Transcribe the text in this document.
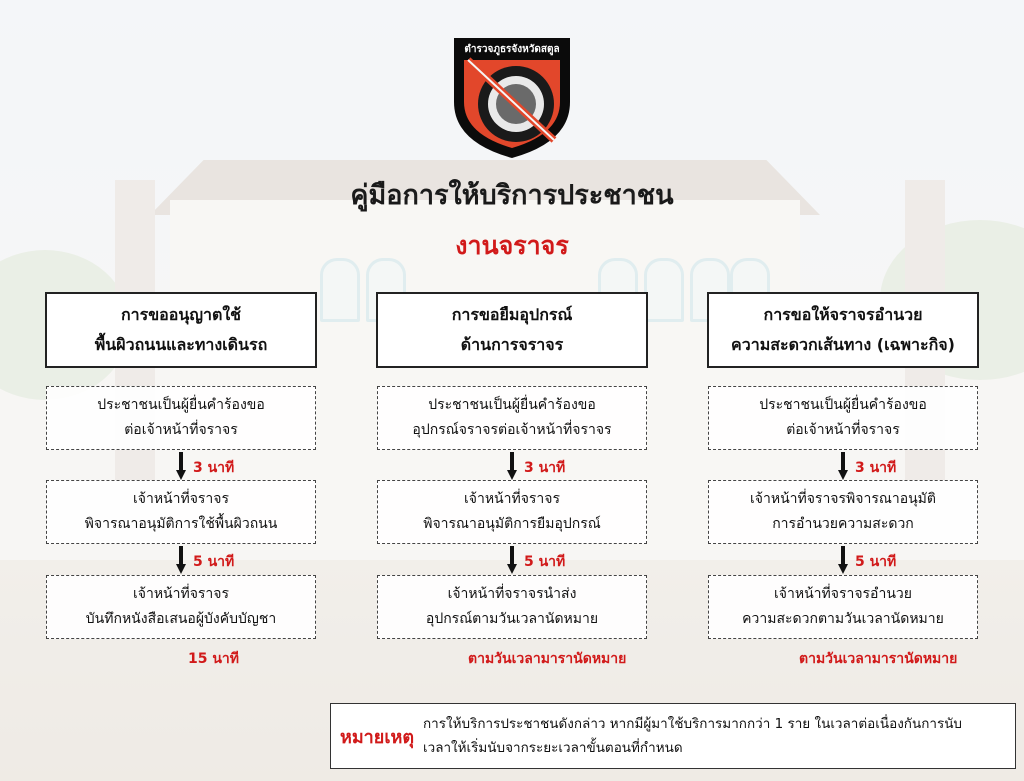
ตำรวจภูธรจังหวัดสตูล
คู่มือการให้บริการประชาชน
งานจราจร
การขออนุญาตใช้
พื้นผิวถนนและทางเดินรถ
ประชาชนเป็นผู้ยื่นคำร้องขอ
ต่อเจ้าหน้าที่จราจร
3 นาที
เจ้าหน้าที่จราจร
พิจารณาอนุมัติการใช้พื้นผิวถนน
5 นาที
เจ้าหน้าที่จราจร
บันทึกหนังสือเสนอผู้บังคับบัญชา
15 นาที
การขอยืมอุปกรณ์
ด้านการจราจร
ประชาชนเป็นผู้ยื่นคำร้องขอ
อุปกรณ์จราจรต่อเจ้าหน้าที่จราจร
3 นาที
เจ้าหน้าที่จราจร
พิจารณาอนุมัติการยืมอุปกรณ์
5 นาที
เจ้าหน้าที่จราจรนำส่ง
อุปกรณ์ตามวันเวลานัดหมาย
ตามวันเวลามารานัดหมาย
การขอให้จราจรอำนวย
ความสะดวกเส้นทาง (เฉพาะกิจ)
ประชาชนเป็นผู้ยื่นคำร้องขอ
ต่อเจ้าหน้าที่จราจร
3 นาที
เจ้าหน้าที่จราจรพิจารณาอนุมัติ
การอำนวยความสะดวก
5 นาที
เจ้าหน้าที่จราจรอำนวย
ความสะดวกตามวันเวลานัดหมาย
ตามวันเวลามารานัดหมาย
หมายเหตุ
การให้บริการประชาชนดังกล่าว หากมีผู้มาใช้บริการมากกว่า 1 ราย ในเวลาต่อเนื่องกันการนับ
เวลาให้เริ่มนับจากระยะเวลาขั้นตอนที่กำหนด
